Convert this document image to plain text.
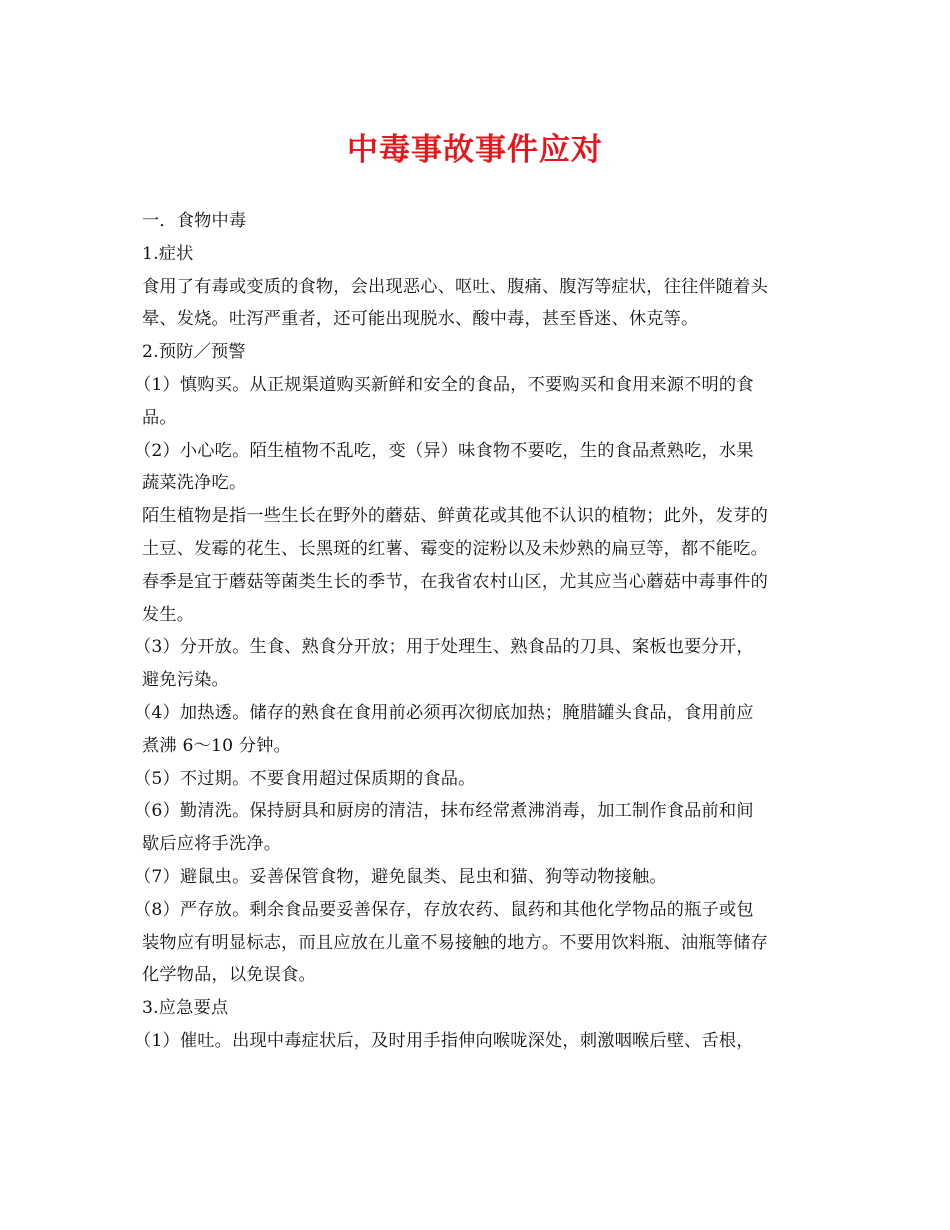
中毒事故事件应对
一．食物中毒
1.症状
食用了有毒或变质的食物，会出现恶心、呕吐、腹痛、腹泻等症状，往往伴随着头
晕、发烧。吐泻严重者，还可能出现脱水、酸中毒，甚至昏迷、休克等。
2.预防／预警
（1）慎购买。从正规渠道购买新鲜和安全的食品，不要购买和食用来源不明的食
品。
（2）小心吃。陌生植物不乱吃，变（异）味食物不要吃，生的食品煮熟吃，水果
蔬菜洗净吃。
陌生植物是指一些生长在野外的蘑菇、鲜黄花或其他不认识的植物；此外，发芽的
土豆、发霉的花生、长黑斑的红薯、霉变的淀粉以及未炒熟的扁豆等，都不能吃。
春季是宜于蘑菇等菌类生长的季节，在我省农村山区，尤其应当心蘑菇中毒事件的
发生。
（3）分开放。生食、熟食分开放；用于处理生、熟食品的刀具、案板也要分开，
避免污染。
（4）加热透。储存的熟食在食用前必须再次彻底加热；腌腊罐头食品，食用前应
煮沸 6～10 分钟。
（5）不过期。不要食用超过保质期的食品。
（6）勤清洗。保持厨具和厨房的清洁，抹布经常煮沸消毒，加工制作食品前和间
歇后应将手洗净。
（7）避鼠虫。妥善保管食物，避免鼠类、昆虫和猫、狗等动物接触。
（8）严存放。剩余食品要妥善保存，存放农药、鼠药和其他化学物品的瓶子或包
装物应有明显标志，而且应放在儿童不易接触的地方。不要用饮料瓶、油瓶等储存
化学物品，以免误食。
3.应急要点
（1）催吐。出现中毒症状后，及时用手指伸向喉咙深处，刺激咽喉后壁、舌根，
